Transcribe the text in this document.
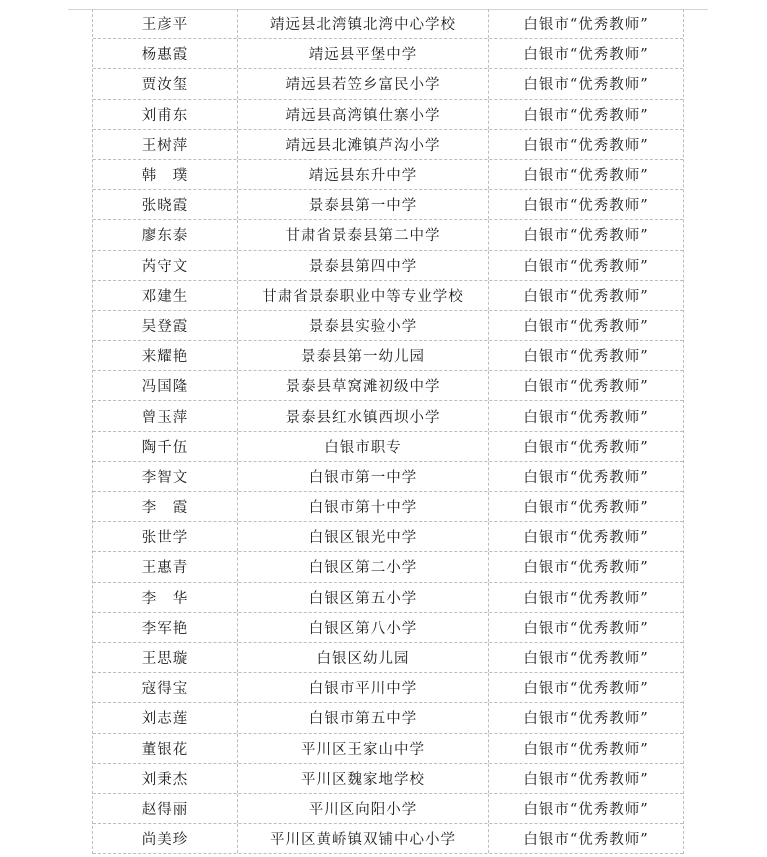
王彦平	靖远县北湾镇北湾中心学校	白银市“优秀教师”
杨惠霞	靖远县平堡中学	白银市“优秀教师”
贾汝玺	靖远县若笠乡富民小学	白银市“优秀教师”
刘甫东	靖远县高湾镇仕寨小学	白银市“优秀教师”
王树萍	靖远县北滩镇芦沟小学	白银市“优秀教师”
韩　璞	靖远县东升中学	白银市“优秀教师”
张晓霞	景泰县第一中学	白银市“优秀教师”
廖东泰	甘肃省景泰县第二中学	白银市“优秀教师”
芮守文	景泰县第四中学	白银市“优秀教师”
邓建生	甘肃省景泰职业中等专业学校	白银市“优秀教师”
吴登霞	景泰县实验小学	白银市“优秀教师”
来耀艳	景泰县第一幼儿园	白银市“优秀教师”
冯国隆	景泰县草窝滩初级中学	白银市“优秀教师”
曾玉萍	景泰县红水镇西坝小学	白银市“优秀教师”
陶千伍	白银市职专	白银市“优秀教师”
李智文	白银市第一中学	白银市“优秀教师”
李　霞	白银市第十中学	白银市“优秀教师”
张世学	白银区银光中学	白银市“优秀教师”
王惠青	白银区第二小学	白银市“优秀教师”
李　华	白银区第五小学	白银市“优秀教师”
李军艳	白银区第八小学	白银市“优秀教师”
王思璇	白银区幼儿园	白银市“优秀教师”
寇得宝	白银市平川中学	白银市“优秀教师”
刘志莲	白银市第五中学	白银市“优秀教师”
董银花	平川区王家山中学	白银市“优秀教师”
刘秉杰	平川区魏家地学校	白银市“优秀教师”
赵得丽	平川区向阳小学	白银市“优秀教师”
尚美珍	平川区黄峤镇双铺中心小学	白银市“优秀教师”
